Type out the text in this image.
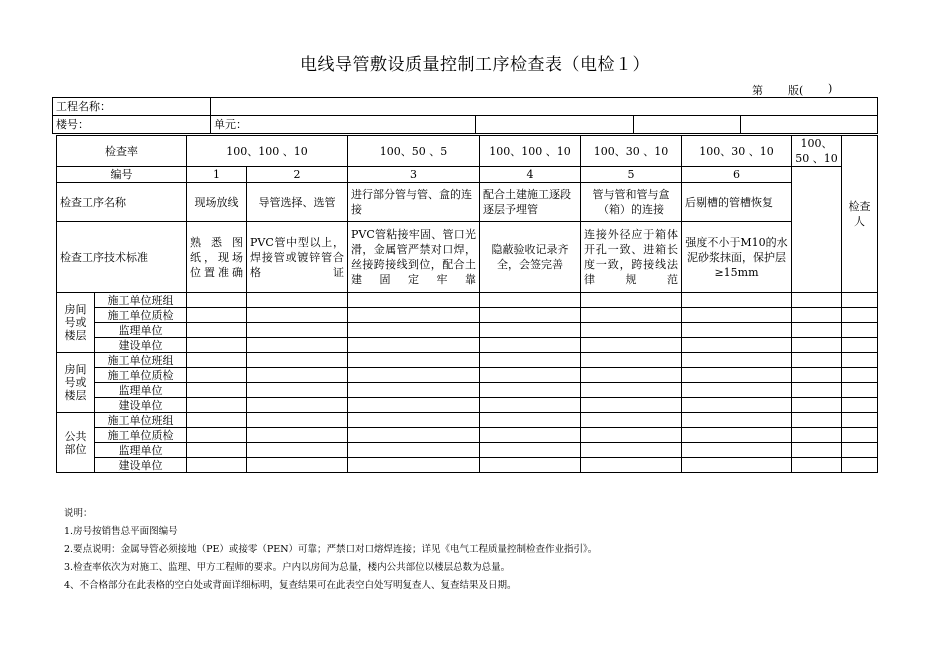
电线导管敷设质量控制工序检查表（电检１）
第 版( )
工程名称：				
楼号：	单元：			
检查率		100、100 、10		100、50 、5	100、100 、10	100、30 、10	100、30 、10	100、50 、10	检查人	
编号		1	2	3	4	5	6			
检查工序名称		现场放线	导管选择、选管	进行部分管与管、盒的连接	配合土建施工逐段逐层予埋管	管与管和管与盒（箱）的连接	后剔槽的管槽恢复			
检查工序技术标准		熟悉图纸，现场位置准确	PVC管中型以上，焊接管或镀锌管合格证	PVC管粘接牢固、管口光滑，金属管严禁对口焊，丝接跨接线到位，配合土建固定牢靠	隐蔽验收记录齐全，会签完善	连接外径应于箱体开孔一致、进箱长度一致，跨接线法律规范	强度不小于M10的水泥砂浆抹面，保护层≥15mm			
房间号或楼层	施工单位班组									
	施工单位质检									
	监理单位									
	建设单位									
房间号或楼层	施工单位班组									
	施工单位质检									
	监理单位									
	建设单位									
公共部位	施工单位班组									
	施工单位质检									
	监理单位									
	建设单位									
说明：
1.房号按销售总平面图编号
2.要点说明：金属导管必须接地（PE）或接零（PEN）可靠；严禁口对口熔焊连接；详见《电气工程质量控制检查作业指引》。
3.检查率依次为对施工、监理、甲方工程师的要求。户内以房间为总量，楼内公共部位以楼层总数为总量。
4、不合格部分在此表格的空白处或背面详细标明，复查结果可在此表空白处写明复查人、复查结果及日期。
